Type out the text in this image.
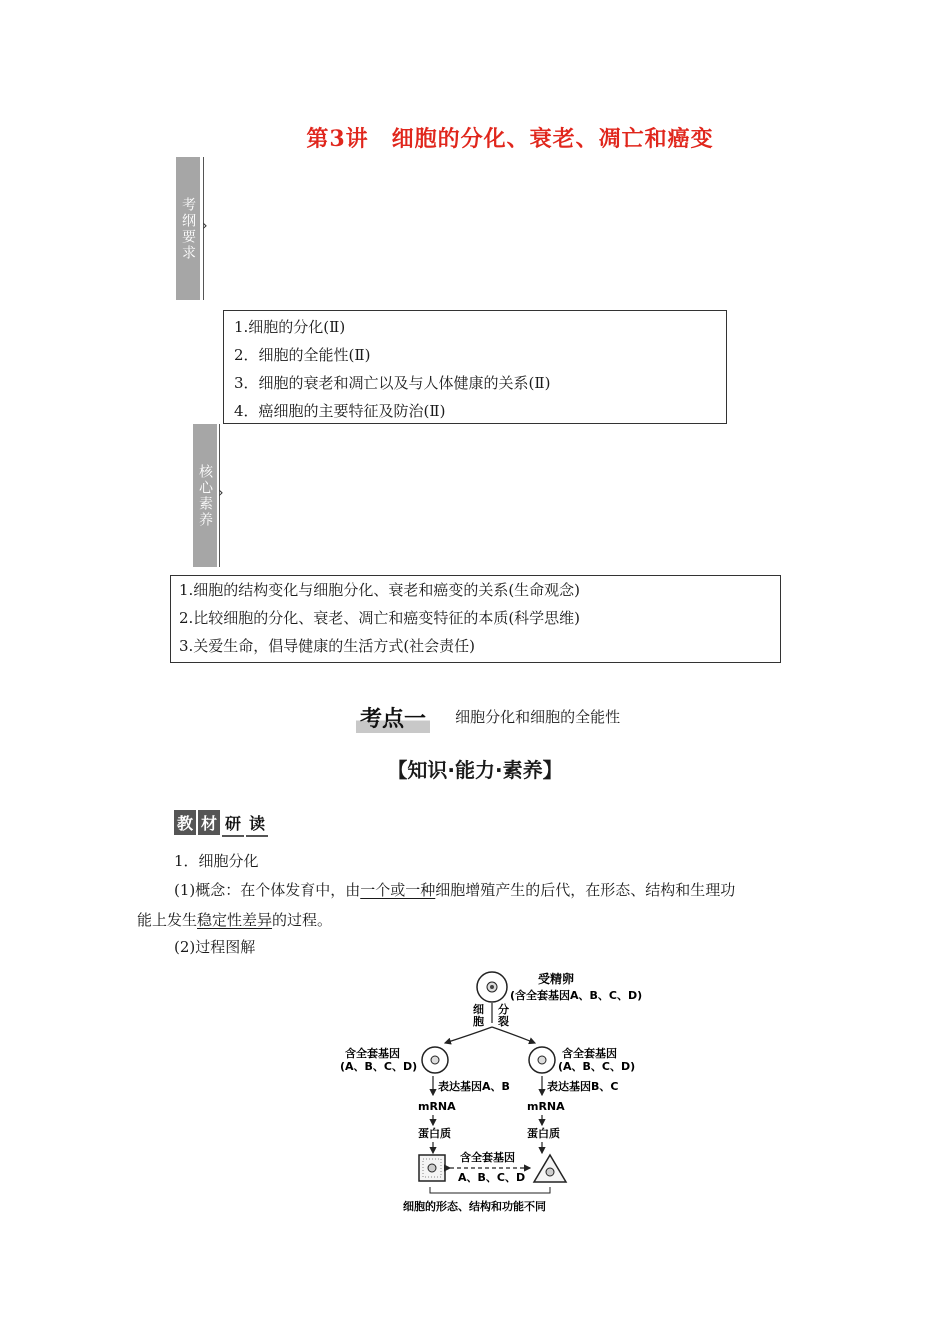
第3讲　细胞的分化、衰老、凋亡和癌变
考纲要求 ›
1.细胞的分化(Ⅱ)
2．细胞的全能性(Ⅱ)
3．细胞的衰老和凋亡以及与人体健康的关系(Ⅱ)
4．癌细胞的主要特征及防治(Ⅱ)
核心素养 ›
1.细胞的结构变化与细胞分化、衰老和癌变的关系(生命观念)
2.比较细胞的分化、衰老、凋亡和癌变特征的本质(科学思维)
3.关爱生命，倡导健康的生活方式(社会责任)
考点一 细胞分化和细胞的全能性
【知识·能力·素养】
教 材 研 读
1．细胞分化
(1)概念：在个体发育中，由一个或一种细胞增殖产生的后代，在形态、结构和生理功
能上发生稳定性差异的过程。
(2)过程图解
受精卵
(含全套基因A、B、C、D)
细
胞
分
裂
含全套基因
(A、B、C、D)
含全套基因
(A、B、C、D)
表达基因A、B
mRNA
蛋白质
表达基因B、C
mRNA
蛋白质
含全套基因
A、B、C、D
细胞的形态、结构和功能不同
